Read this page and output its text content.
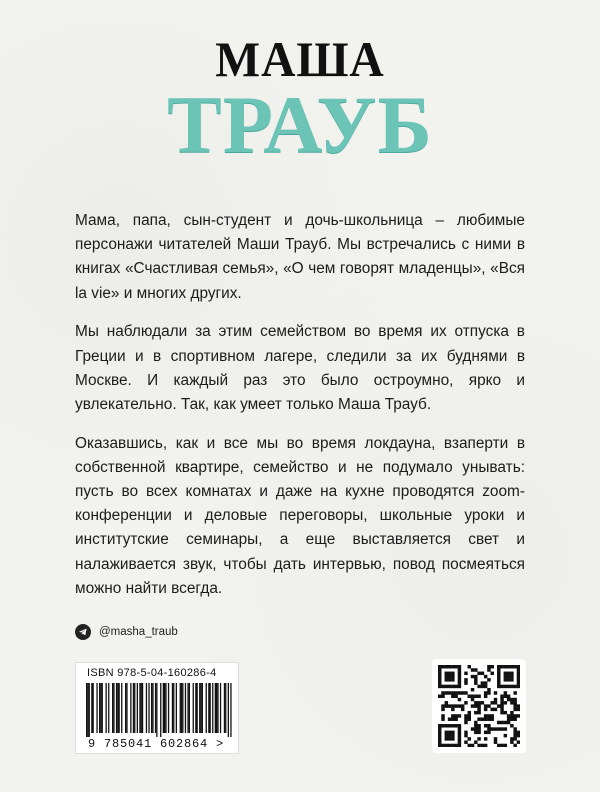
МАША
ТРАУБ

Мама, папа, сын-студент и дочь-школьница – любимые персонажи читателей Маши Трауб. Мы встречались с ними в книгах «Счастливая семья», «О чем говорят младенцы», «Вся la vie» и многих других.

Мы наблюдали за этим семейством во время их отпуска в Греции и в спортивном лагере, следили за их буднями в Москве. И каждый раз это было остроумно, ярко и увлекательно. Так, как умеет только Маша Трауб.

Оказавшись, как и все мы во время локдауна, взаперти в собственной квартире, семейство и не подумало унывать: пусть во всех комнатах и даже на кухне проводятся zoom-конференции и деловые переговоры, школьные уроки и институтские семинары, а еще выставляется свет и налаживается звук, чтобы дать интервью, повод посмеяться можно найти всегда.

@masha_traub
ISBN 978-5-04-160286-4
9 785041 602864 >
